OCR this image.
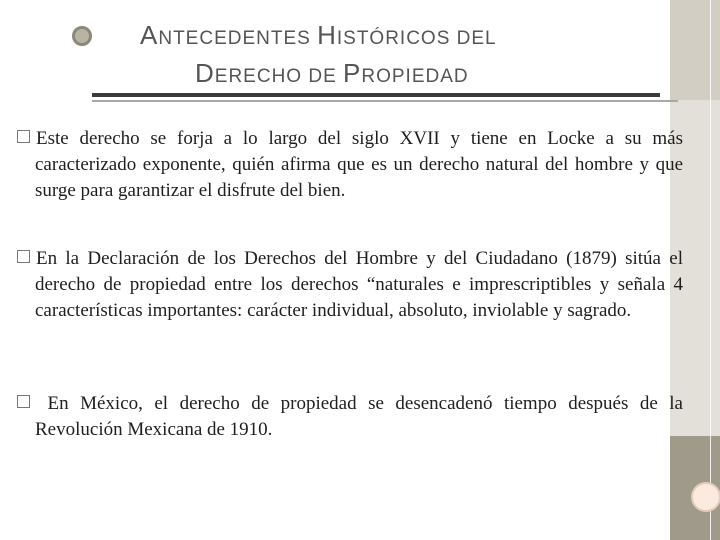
ANTECEDENTES HISTÓRICOS DEL
DERECHO DE PROPIEDAD
Este derecho se forja a lo largo del siglo XVII y tiene en Locke a su más caracterizado exponente, quién afirma que es un derecho natural del hombre y que surge para garantizar el disfrute del bien.
En la Declaración de los Derechos del Hombre y del Ciudadano (1879) sitúa el derecho de propiedad entre los derechos “naturales e imprescriptibles y señala 4 características importantes: carácter individual, absoluto, inviolable y sagrado.
En México, el derecho de propiedad se desencadenó tiempo después de la Revolución Mexicana de 1910.
